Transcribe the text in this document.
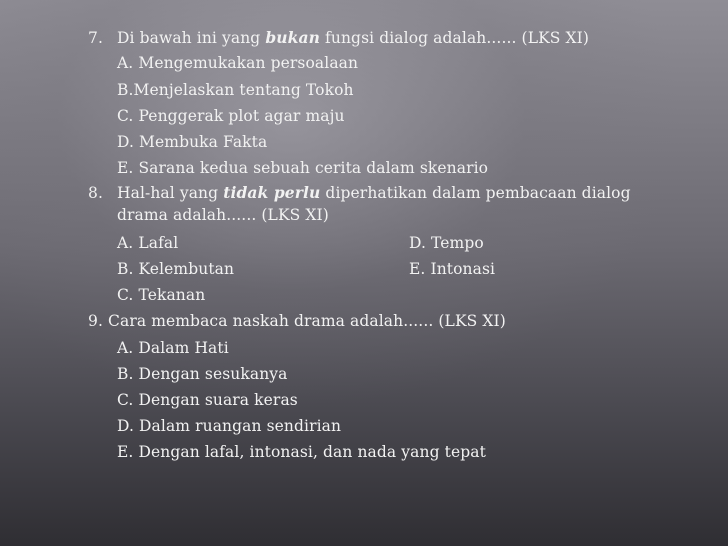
7. Di bawah ini yang bukan fungsi dialog adalah...... (LKS XI)
A. Mengemukakan persoalaan
B.Menjelaskan tentang Tokoh
C. Penggerak plot agar maju
D. Membuka Fakta
E. Sarana kedua sebuah cerita dalam skenario
8. Hal-hal yang tidak perlu diperhatikan dalam pembacaan dialog
drama adalah...... (LKS XI)
A. Lafal	D. Tempo
B. Kelembutan	E. Intonasi
C. Tekanan
9. Cara membaca naskah drama adalah...... (LKS XI)
A. Dalam Hati
B. Dengan sesukanya
C. Dengan suara keras
D. Dalam ruangan sendirian
E. Dengan lafal, intonasi, dan nada yang tepat
